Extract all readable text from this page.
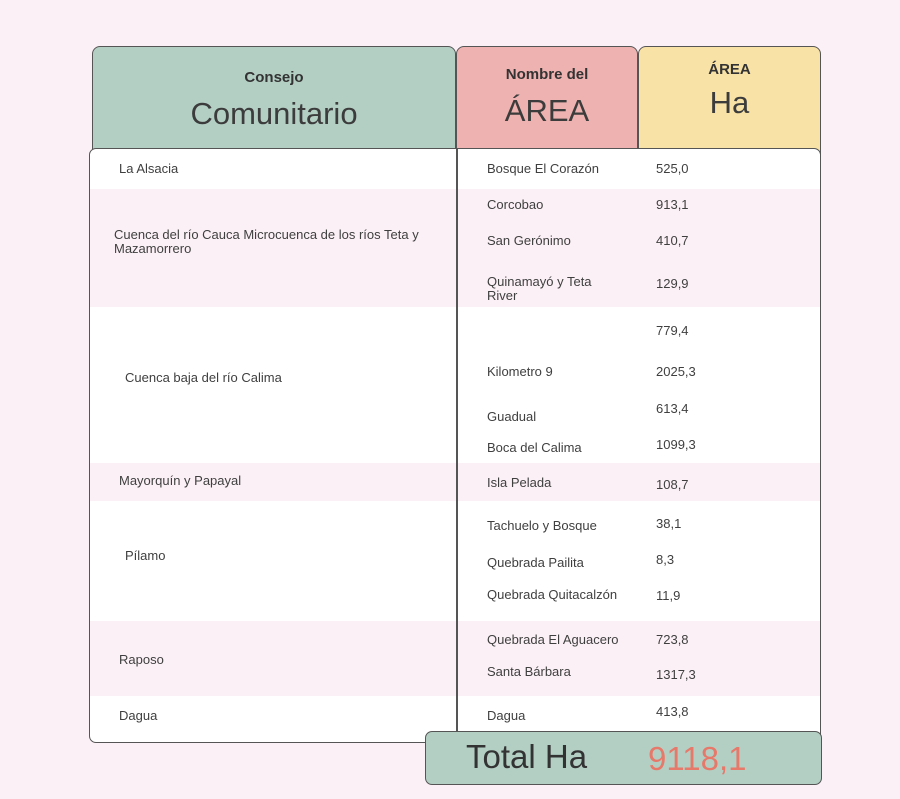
Consejo
Comunitario
Nombre del
ÁREA
ÁREA
Ha
La Alsacia
Cuenca del río Cauca Microcuenca de los ríos Teta y Mazamorrero
Cuenca baja del río Calima
Mayorquín y Papayal
Pílamo
Raposo
Dagua
Bosque El Corazón
Corcobao
San Gerónimo
Quinamayó y Teta River
Kilometro 9
Guadual
Boca del Calima
Isla Pelada
Tachuelo y Bosque
Quebrada Pailita
Quebrada Quitacalzón
Quebrada El Aguacero
Santa Bárbara
Dagua
525,0
913,1
410,7
129,9
779,4
2025,3
613,4
1099,3
108,7
38,1
8,3
11,9
723,8
1317,3
413,8
Total Ha 9118,1
